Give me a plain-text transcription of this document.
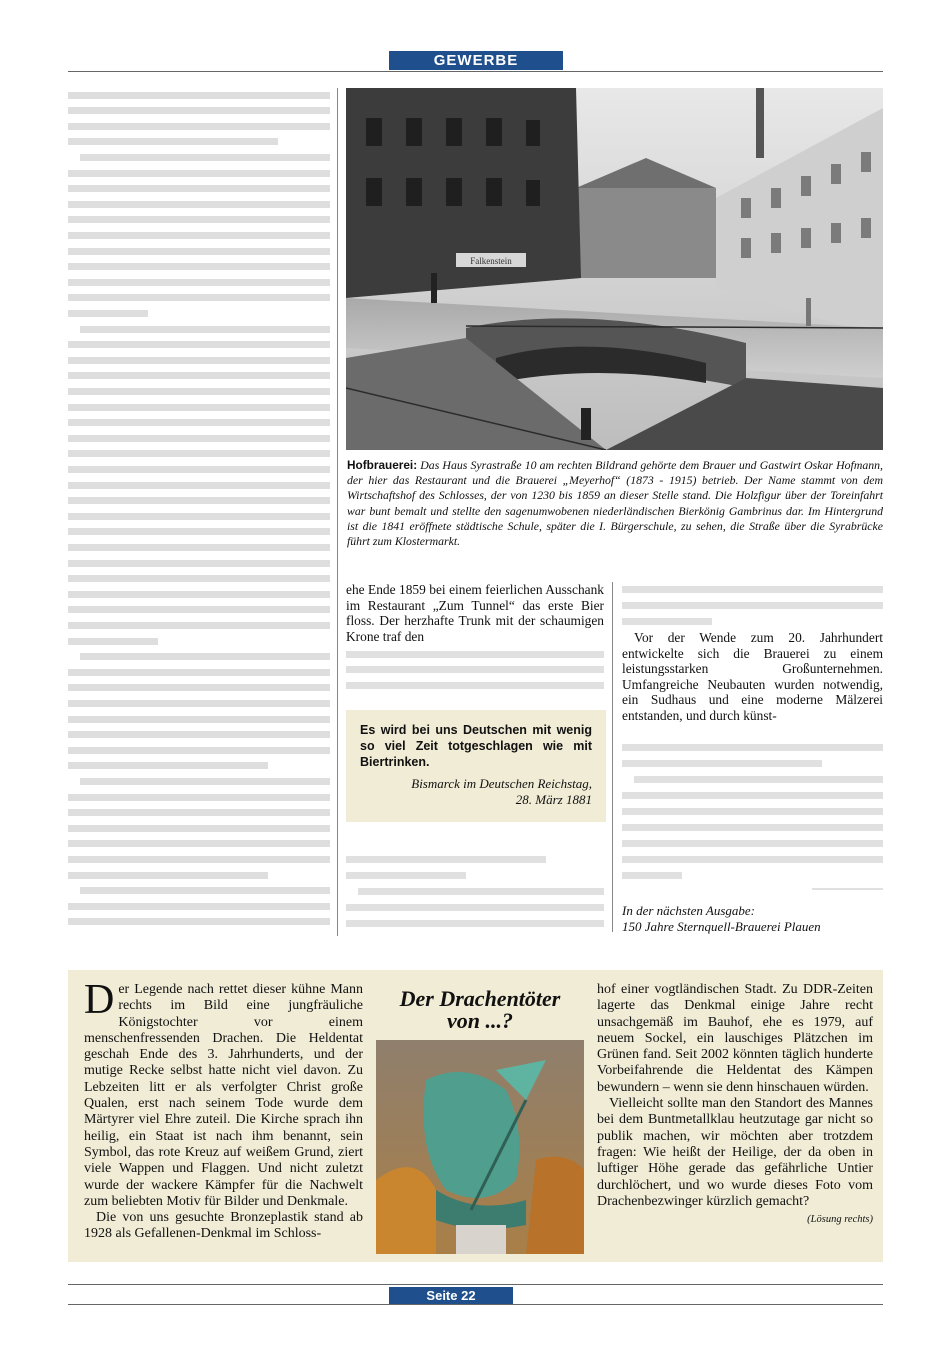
GEWERBE
Falkenstein
Hofbrauerei: Das Haus Syrastraße 10 am rechten Bildrand gehörte dem Brauer und Gastwirt Oskar Hofmann, der hier das Restaurant und die Brauerei „Meyerhof“ (1873 - 1915) betrieb. Der Name stammt von dem Wirtschaftshof des Schlosses, der von 1230 bis 1859 an dieser Stelle stand. Die Holzfigur über der Toreinfahrt war bunt bemalt und stellte den sagenumwobenen niederländischen Bierkönig Gambrinus dar. Im Hintergrund ist die 1841 eröffnete städtische Schule, später die I. Bürgerschule, zu sehen, die Straße über die Syrabrücke führt zum Klostermarkt.

ehe Ende 1859 bei einem feierlichen Ausschank im Restaurant „Zum Tunnel“ das erste Bier floss. Der herzhafte Trunk mit der schaumigen Krone traf den

Es wird bei uns Deutschen mit wenig so viel Zeit totgeschlagen wie mit Biertrinken.
Bismarck im Deutschen Reichstag,
28. März 1881

Vor der Wende zum 20. Jahrhundert entwickelte sich die Brauerei zu einem leistungsstarken Großunternehmen. Umfangreiche Neubauten wurden notwendig, ein Sudhaus und eine moderne Mälzerei entstanden, und durch künst-

In der nächsten Ausgabe:
150 Jahre Sternquell-Brauerei Plauen
D er Legende nach rettet dieser kühne Mann rechts im Bild eine jungfräuliche Königstochter vor einem menschenfressenden Drachen. Die Heldentat geschah Ende des 3. Jahrhunderts, und der mutige Recke selbst hatte nicht viel davon. Zu Lebzeiten litt er als verfolgter Christ große Qualen, erst nach seinem Tode wurde dem Märtyrer viel Ehre zuteil. Die Kirche sprach ihn heilig, ein Staat ist nach ihm benannt, sein Symbol, das rote Kreuz auf weißem Grund, ziert viele Wappen und Flaggen. Und nicht zuletzt wurde der wackere Kämpfer für die Nachwelt zum beliebten Motiv für Bilder und Denkmale.

Die von uns gesuchte Bronzeplastik stand ab 1928 als Gefallenen-Denkmal im Schloss-

Der Drachentöter
von ...?

hof einer vogtländischen Stadt. Zu DDR-Zeiten lagerte das Denkmal einige Jahre recht unsachgemäß im Bauhof, ehe es 1979, auf neuem Sockel, ein lauschiges Plätzchen im Grünen fand. Seit 2002 könnten täglich hunderte Vorbeifahrende die Heldentat des Kämpen bewundern – wenn sie denn hinschauen würden.

Vielleicht sollte man den Standort des Mannes bei dem Buntmetallklau heutzutage gar nicht so publik machen, wir möchten aber trotzdem fragen: Wie heißt der Heilige, der da oben in luftiger Höhe gerade das gefährliche Untier durchlöchert, und wo wurde dieses Foto vom Drachenbezwinger kürzlich gemacht?

(Lösung rechts)
Seite 22
